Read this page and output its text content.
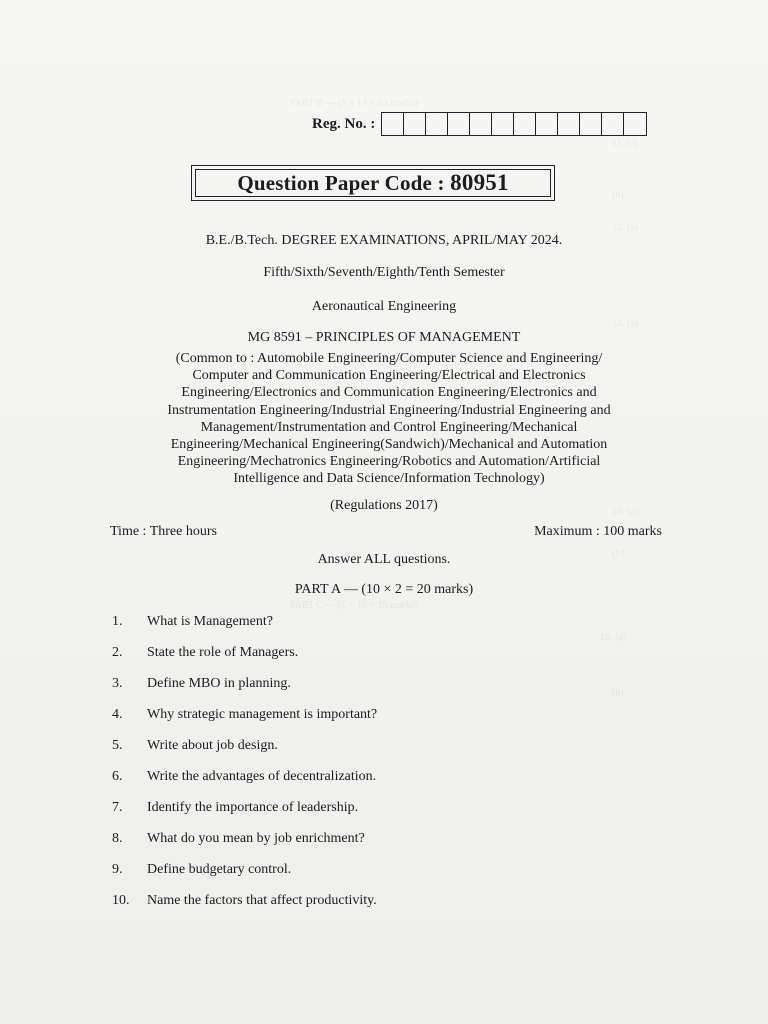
PART B — (5 × 13 = 65 marks)
11. (a)
(b)
12. (a)
13. (a)
15. (a)
(b)
PART C — (1 × 15 = 15 marks)
16. (a)
(b)
Reg. No. :
Question Paper Code : 80951
B.E./B.Tech. DEGREE EXAMINATIONS, APRIL/MAY 2024.
Fifth/Sixth/Seventh/Eighth/Tenth Semester
Aeronautical Engineering
MG 8591 – PRINCIPLES OF MANAGEMENT
(Common to : Automobile Engineering/Computer Science and Engineering/
Computer and Communication Engineering/Electrical and Electronics
Engineering/Electronics and Communication Engineering/Electronics and
Instrumentation Engineering/Industrial Engineering/Industrial Engineering and
Management/Instrumentation and Control Engineering/Mechanical
Engineering/Mechanical Engineering(Sandwich)/Mechanical and Automation
Engineering/Mechatronics Engineering/Robotics and Automation/Artificial
Intelligence and Data Science/Information Technology)
(Regulations 2017)
Time : Three hours	Maximum : 100 marks
Answer ALL questions.
PART A — (10 × 2 = 20 marks)
1.	What is Management?
2.	State the role of Managers.
3.	Define MBO in planning.
4.	Why strategic management is important?
5.	Write about job design.
6.	Write the advantages of decentralization.
7.	Identify the importance of leadership.
8.	What do you mean by job enrichment?
9.	Define budgetary control.
10.	Name the factors that affect productivity.
